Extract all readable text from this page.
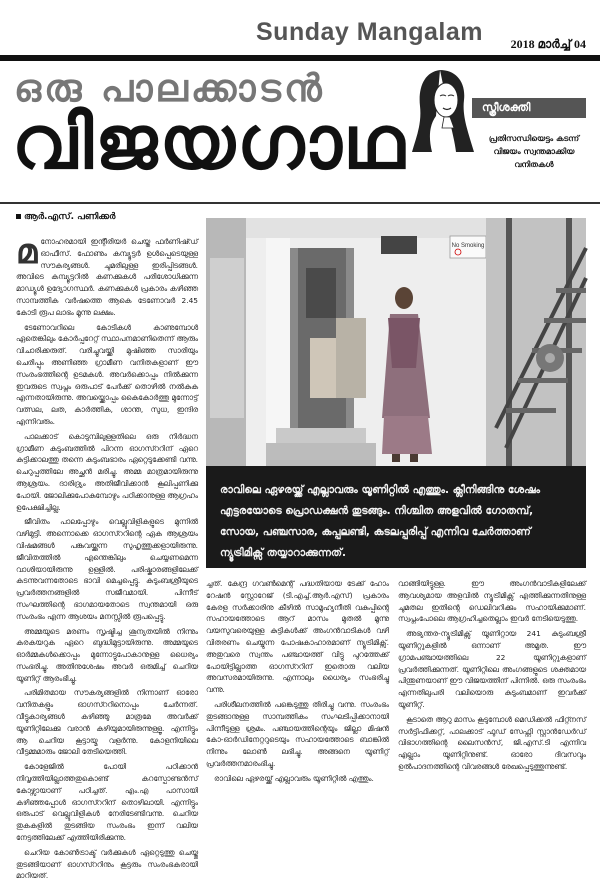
Sunday Mangalam 2018 മാർച്ച് 04
ഒരു പാലക്കാടൻ
വിജയഗാഥ	സ്ത്രീശക്തി
പ്രതിസന്ധിയെട്ടം കടന്ന് വിജയം സ്വന്തമാക്കിയ വനിതകൾ
ആർ.എസ്. പണിക്കർ
No Smoking
രാവിലെ ഏഴരയ്ക്ക് എല്ലാവരും യൂണിറ്റിൽ എത്തും. ക്ലീനിങ്ങിനു ശേഷം എട്ടരയോടെ പ്രൊഡക്ഷൻ തുടങ്ങും. നിശ്ചിത അളവിൽ ഗോതമ്പ്, സോയ, പഞ്ചസാര, കപ്പലണ്ടി, കടലപ്പരിപ്പ് എന്നിവ ചേർത്താണ് ന്യൂട്രിമിക്സ് തയ്യാറാക്കുന്നത്.

മനോഹരമായി ഇന്റീരിയർ ചെയ്ത ഫർണിഷ്ഡ് ഓഫീസ്. ഫോണും കമ്പ്യൂട്ടർ ഉൾപ്പെടെയുള്ള സൗകര്യങ്ങൾ. ചുമരിലുള്ള ഇരിപ്പിടങ്ങൾ. അവിടെ കമ്പ്യൂട്ടറിൽ കണക്കുകൾ പരിശോധിക്കുന്ന മാഡ്യൂൾ ഉദ്യോഗസ്ഥർ. കണക്കുകൾ പ്രകാരം കഴിഞ്ഞ സാമ്പത്തിക വർഷത്തെ ആകെ ടേണോവർ 2.45 കോടി രൂപ ലാഭം മൂന്നു ലക്ഷം.

ടേണോവറിലെ കോടികൾ കാണുമ്പോൾ ഏതെങ്കിലും കോർപ്പറേറ്റ് സ്ഥാപനമാണിതെന്ന് ആരും വിചാരിക്കരുത്. വരിച്ചുവയ്ക്കി മുഷിഞ്ഞ സാരിയും ചെരിപ്പും അണിഞ്ഞ ഗ്രാമീണ വനിതകളാണ് ഈ സംരംഭത്തിന്റെ ഉടമകൾ. അവർക്കൊപ്പം നിൽക്കുന്ന ഇവരുടെ സ്വപ്നം ഒരുപാട് പേർക്ക് തൊഴിൽ നൽകുക എന്നതായിരുന്നു. അവയ്ക്കൊപ്പം കൈകോർത്തു മുന്നോട്ട് വത്സല, ലത, കാർത്തിക, ശാന്ത, സുധ, ഇന്ദിര എന്നിവരും.

പാലക്കാട് കൊടുമ്പിലുള്ളതിലെ ഒരു നിർദ്ധന ഗ്രാമീണ കുടുംബത്തിൽ പിറന്ന ഓഗസ്ററിന് ഏറെ കുട്ടിക്കാലത്തു തന്നെ കുടുംബഭാരം ഏറ്റെടുക്കേണ്ടി വന്നു. ചെറുപ്പത്തിലേ അച്ഛൻ മരിച്ചു. അമ്മ മാത്രമായിരുന്നു ആശ്രയം. ദാരിദ്ര്യം അതിജീവിക്കാൻ കൂലിപ്പണിക്കു പോയി. ജോലിക്കുപോകുമ്പോഴും പഠിക്കാനുള്ള ആഗ്രഹം ഉപേക്ഷിച്ചില്ല.

ജീവിതം പാലപ്പോഴും വെല്ലുവിളികളുടെ മുന്നിൽ വഴിമുട്ടി. അന്നൊക്കെ ഓഗസ്ററിന്റെ ഏക ആശ്രയം വിഷമങ്ങൾ പങ്കുവയ്ക്കുന്ന സുഹൃത്തുക്കളായിരുന്നു. ജീവിതത്തിൽ എന്തെങ്കിലും ചെയ്യണമെന്ന വാശിയായിരുന്നു ഉള്ളിൽ. പരിഷ്കാരങ്ങളിലേക്ക് കടന്നുവന്നതോടെ ഭാവി മെച്ചപ്പെട്ടു. കുടുംബശ്രീയുടെ പ്രവർത്തനങ്ങളിൽ സജീവമായി. പിന്നീട് സംഘത്തിന്റെ ഭാഗമായതോടെ സ്വന്തമായി ഒരു സംരംഭം എന്ന ആശയം മനസ്സിൽ രൂപപ്പെട്ടു.

അമ്മയുടെ മരണം സൃഷ്ടിച്ച ശൂന്യതയിൽ നിന്നും കരകയറുക ഏറെ ബുദ്ധിമുട്ടായിരുന്നു. അമ്മയുടെ ഓർമ്മകൾക്കൊപ്പം മുന്നോട്ടുപോകാനുള്ള ധൈര്യം സംഭരിച്ചു. അതിനുശേഷം അവർ ഒരുമിച്ച് ചെറിയ യൂണിറ്റ് ആരംഭിച്ചു.

പരിമിതമായ സൗകര്യങ്ങളിൽ നിന്നാണ് ഓരോ വനിതകളും ഓഗസ്ററിനൊപ്പം ചേർന്നത്. വീട്ടുകാര്യങ്ങൾ കഴിഞ്ഞു മാത്രമേ അവർക്ക് യൂണിറ്റിലേക്കു വരാൻ കഴിയുമായിരുന്നുള്ളൂ. എന്നിട്ടും ആ ചെറിയ കൂട്ടായ്മ വളർന്നു. കോളനിയിലെ വീട്ടമ്മമാരും ജോലി തേടിയെത്തി.

കോളേജിൽ പോയി പഠിക്കാൻ നിവൃത്തിയില്ലാത്തതുകൊണ്ട് കറസ്പോണ്ടൻസ് കോഴ്സായാണ് പഠിച്ചത്. എം.എ പാസായി കഴിഞ്ഞപ്പോൾ ഓഗസ്ററിന് തൊഴിലായി. എന്നിട്ടും ഒരുപാട് വെല്ലുവിളികൾ നേരിടേണ്ടിവന്നു. ചെറിയ തുകകളിൽ തുടങ്ങിയ സംരംഭം ഇന്ന് വലിയ നേട്ടത്തിലേക്ക് എത്തിയിരിക്കുന്നു.

ചെറിയ കോൺട്രാക്ട് വർക്കുകൾ ഏറ്റെടുത്തു ചെയ്തു തുടങ്ങിയാണ് ഓഗസ്ററിനും കൂട്ടരും സംരംഭകരായി മാറിയത്.

ച്ചത്. കേന്ദ്ര ഗവൺമെന്റ് പദ്ധതിയായ ടേക്ക് ഹോം റേഷൻ സ്റ്റോറേജ് (ടി.എച്ച്.ആർ.എസ്) പ്രകാരം കേരള സർക്കാരിനു കീഴിൽ സാമൂഹ്യനീതി വകുപ്പിന്റെ സഹായത്തോടെ ആറ് മാസം മുതൽ മൂന്നു വയസുവരെയുള്ള കുട്ടികൾക്ക് അംഗൻവാടികൾ വഴി വിതരണം ചെയ്യുന്ന പോഷകാഹാരമാണ് ന്യൂട്രിമിക്സ്. അതുവരെ സ്വന്തം പഞ്ചായത്ത് വിട്ടു പുറത്തേക്ക് പോയിട്ടില്ലാത്ത ഓഗസ്ററിന് ഇതൊരു വലിയ അവസരമായിരുന്നു. എന്നാലും ധൈര്യം സംഭരിച്ചു വന്നു.

പരിശീലനത്തിൽ പങ്കെടുത്തു തിരിച്ചു വന്നു. സംരംഭം തുടങ്ങാനുള്ള സാമ്പത്തികം സംഘടിപ്പിക്കാനായി പിന്നീടുള്ള ശ്രമം. പഞ്ചായത്തിന്റെയും ജില്ലാ മിഷൻ കോ-ഓർഡിനേറ്ററുടെയും സഹായത്തോടെ ബാങ്കിൽ നിന്നും ലോൺ ലഭിച്ചു. അങ്ങനെ യൂണിറ്റ് പ്രവർത്തനമാരംഭിച്ചു.

രാവിലെ ഏഴരയ്ക്ക് എല്ലാവരും യൂണിറ്റിൽ എത്തും.

വാങ്ങിയിട്ടുള്ള. ഈ അംഗൻവാടികളിലേക്ക് ആവശ്യമായ അളവിൽ ന്യൂട്രിമിക്സ് എത്തിക്കുന്നതിനുള്ള ചുമതല ഇതിന്റെ ഡെലിവറിക്കും സഹായിക്കുമാണ്. സ്വപ്നംപോലെ ആഗ്രഹിച്ചതെല്ലാം ഇവർ നേടിയെടുത്തു.

അഭ്യന്തര-ന്യൂട്രിമിക്സ് യൂണിറ്റായ 241 കുടുംബശ്രീ യൂണിറ്റുകളിൽ ഒന്നാണ് അമൃത. ഈ ഗ്രാമപഞ്ചായത്തിലെ 22 യൂണിറ്റുകളാണ് പ്രവർത്തിക്കുന്നത്. യൂണിറ്റിലെ അംഗങ്ങളുടെ ശക്തമായ പിന്തുണയാണ് ഈ വിജയത്തിന് പിന്നിൽ. ഒരു സംരംഭം എന്നതിലുപരി വലിയൊരു കുടുംബമാണ് ഇവർക്ക് യൂണിറ്റ്.

കൂടാതെ ആറു മാസം കൂടുമ്പോൾ മെഡിക്കൽ ഫിറ്റ്നസ് സർട്ടിഫിക്കറ്റ്, പാലക്കാട് ഫുഡ് സേഫ്റ്റി സ്റ്റാൻഡേർഡ് വിഭാഗത്തിന്റെ ലൈസൻസ്, ജി.എസ്.ടി എന്നിവ എല്ലാം യൂണിറ്റിനുണ്ട്. ഓരോ ദിവസവും ഉൽപാദനത്തിന്റെ വിവരങ്ങൾ രേഖപ്പെടുത്തുന്നുണ്ട്.
